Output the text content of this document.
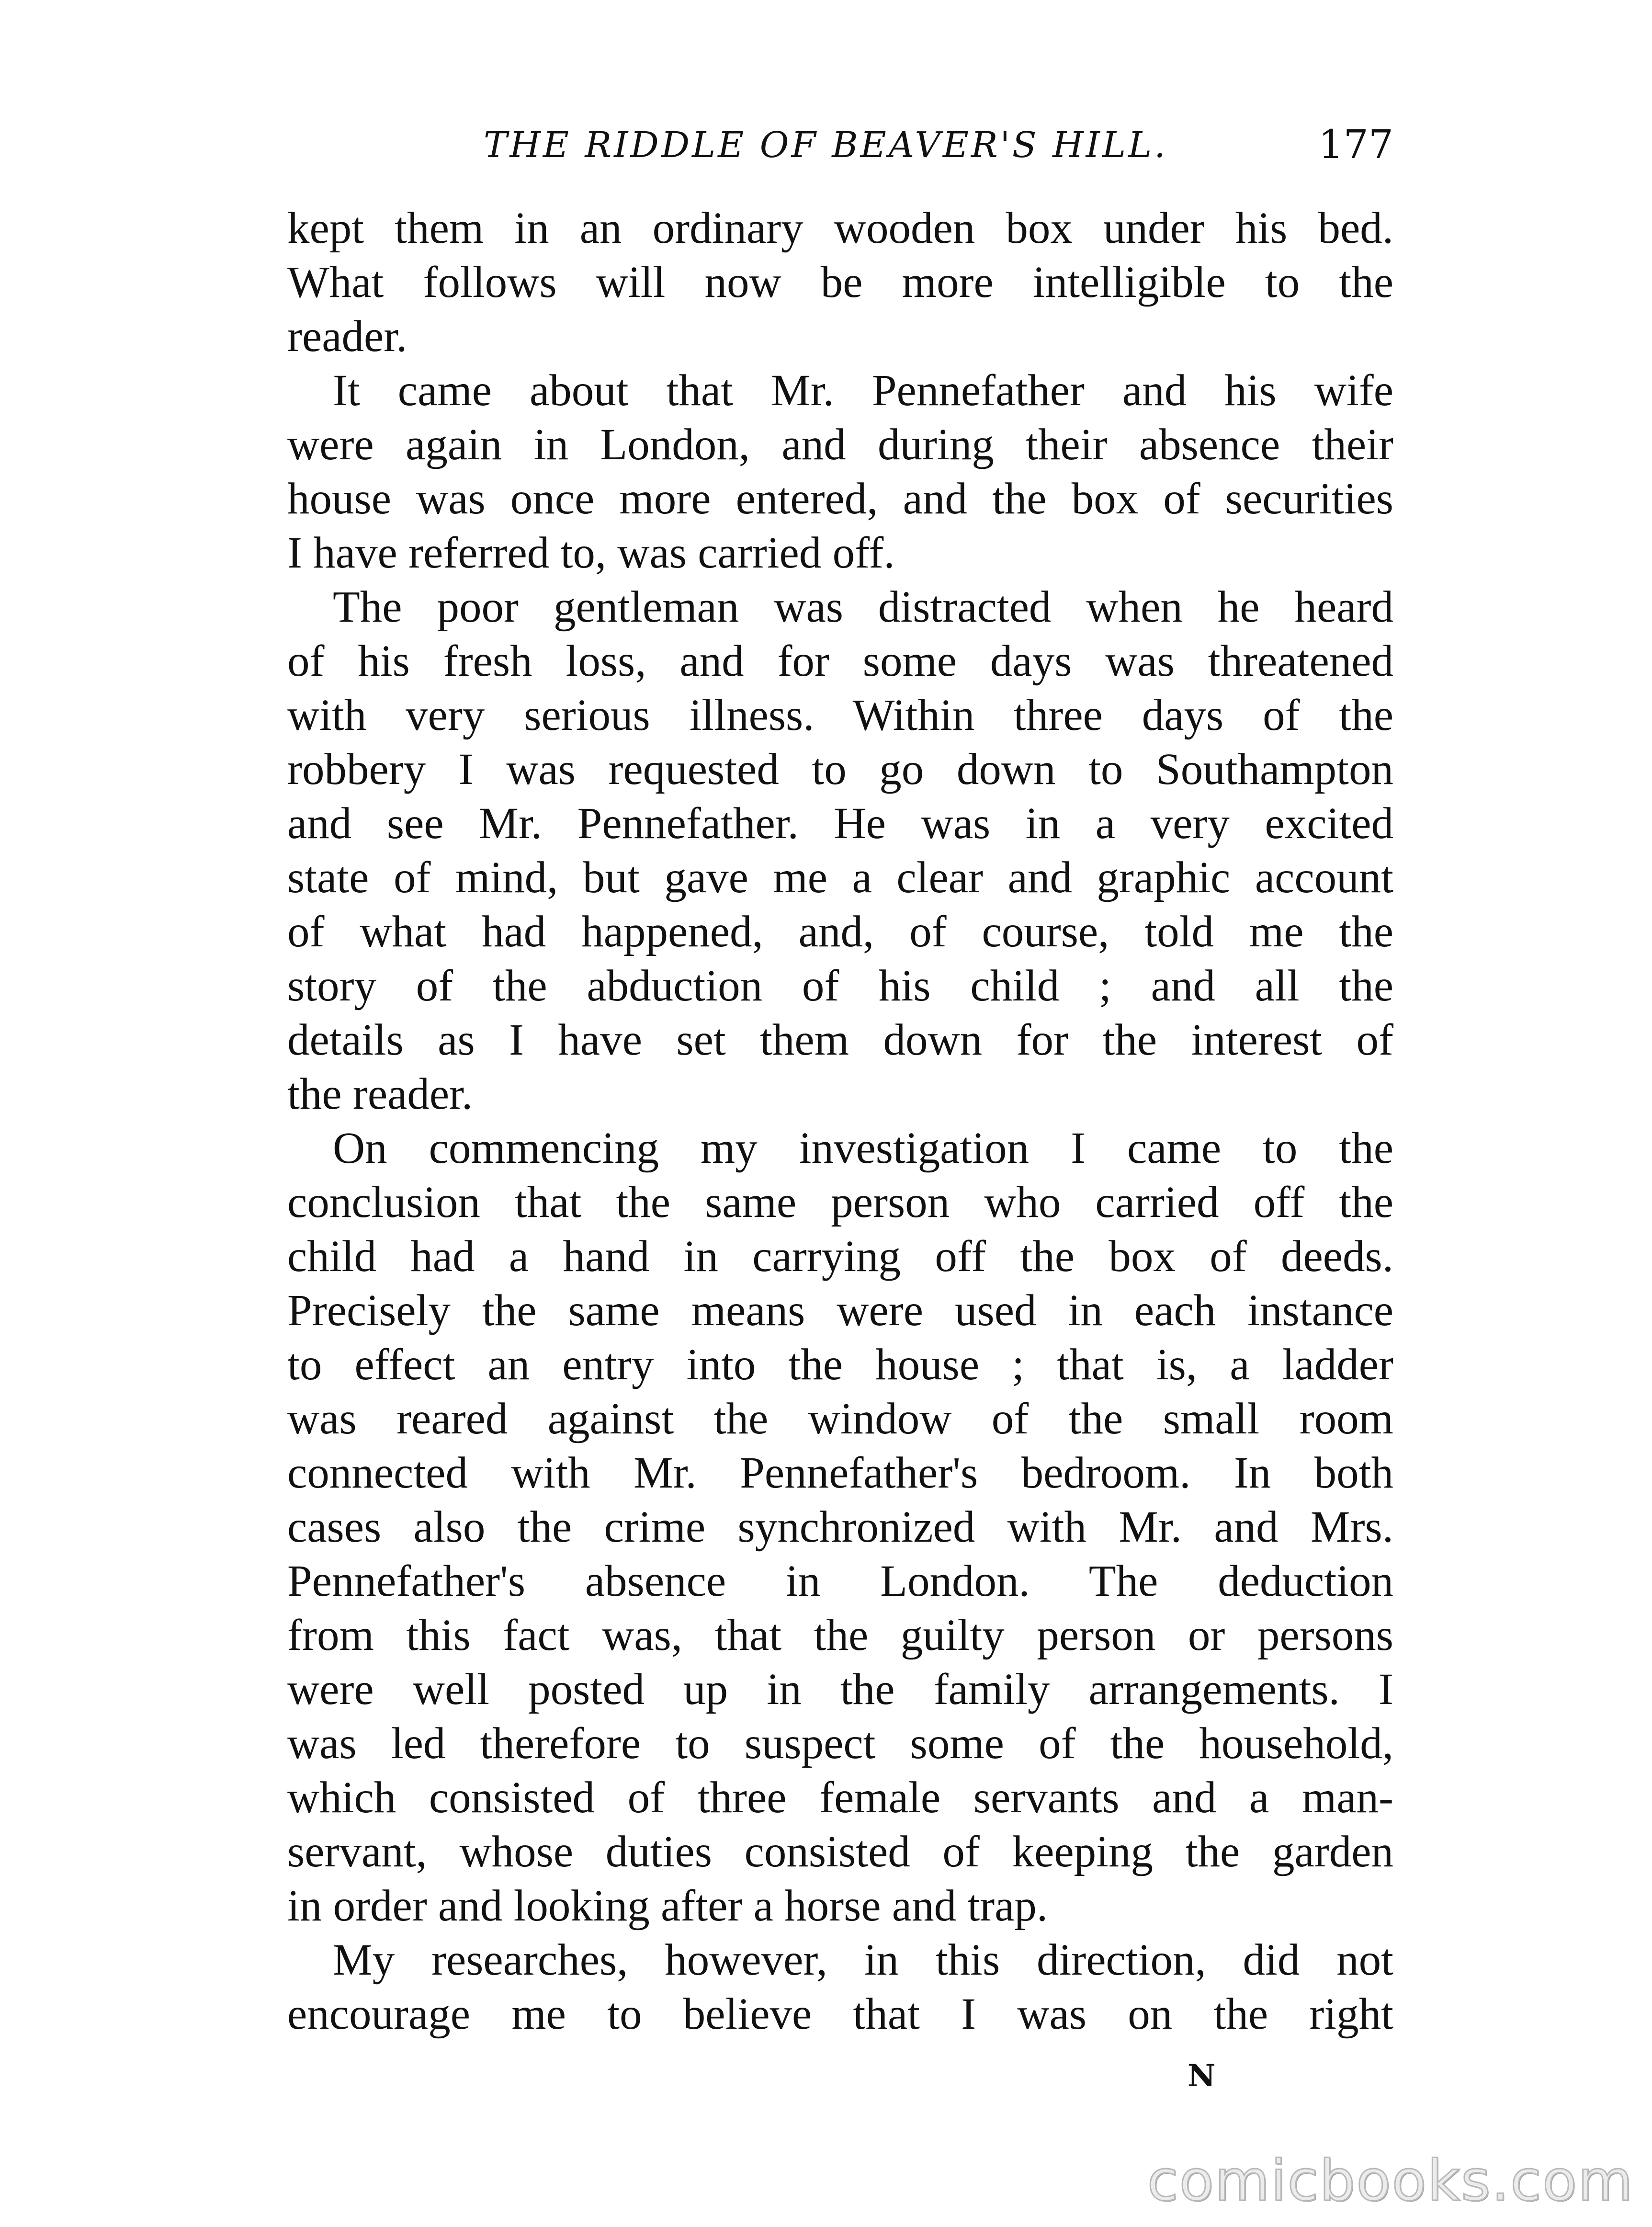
THE RIDDLE OF BEAVER'S HILL.	177

kept them in an ordinary wooden box under his bed.
What follows will now be more intelligible to the
reader.

It came about that Mr. Pennefather and his wife
were again in London, and during their absence their
house was once more entered, and the box of securities
I have referred to, was carried off.

The poor gentleman was distracted when he heard
of his fresh loss, and for some days was threatened
with very serious illness. Within three days of the
robbery I was requested to go down to Southampton
and see Mr. Pennefather. He was in a very excited
state of mind, but gave me a clear and graphic account
of what had happened, and, of course, told me the
story of the abduction of his child ; and all the
details as I have set them down for the interest of
the reader.

On commencing my investigation I came to the
conclusion that the same person who carried off the
child had a hand in carrying off the box of deeds.
Precisely the same means were used in each instance
to effect an entry into the house ; that is, a ladder
was reared against the window of the small room
connected with Mr. Pennefather's bedroom. In both
cases also the crime synchronized with Mr. and Mrs.
Pennefather's absence in London. The deduction
from this fact was, that the guilty person or persons
were well posted up in the family arrangements. I
was led therefore to suspect some of the household,
which consisted of three female servants and a man-
servant, whose duties consisted of keeping the garden
in order and looking after a horse and trap.

My researches, however, in this direction, did not
encourage me to believe that I was on the right

N
comicbooks.com
